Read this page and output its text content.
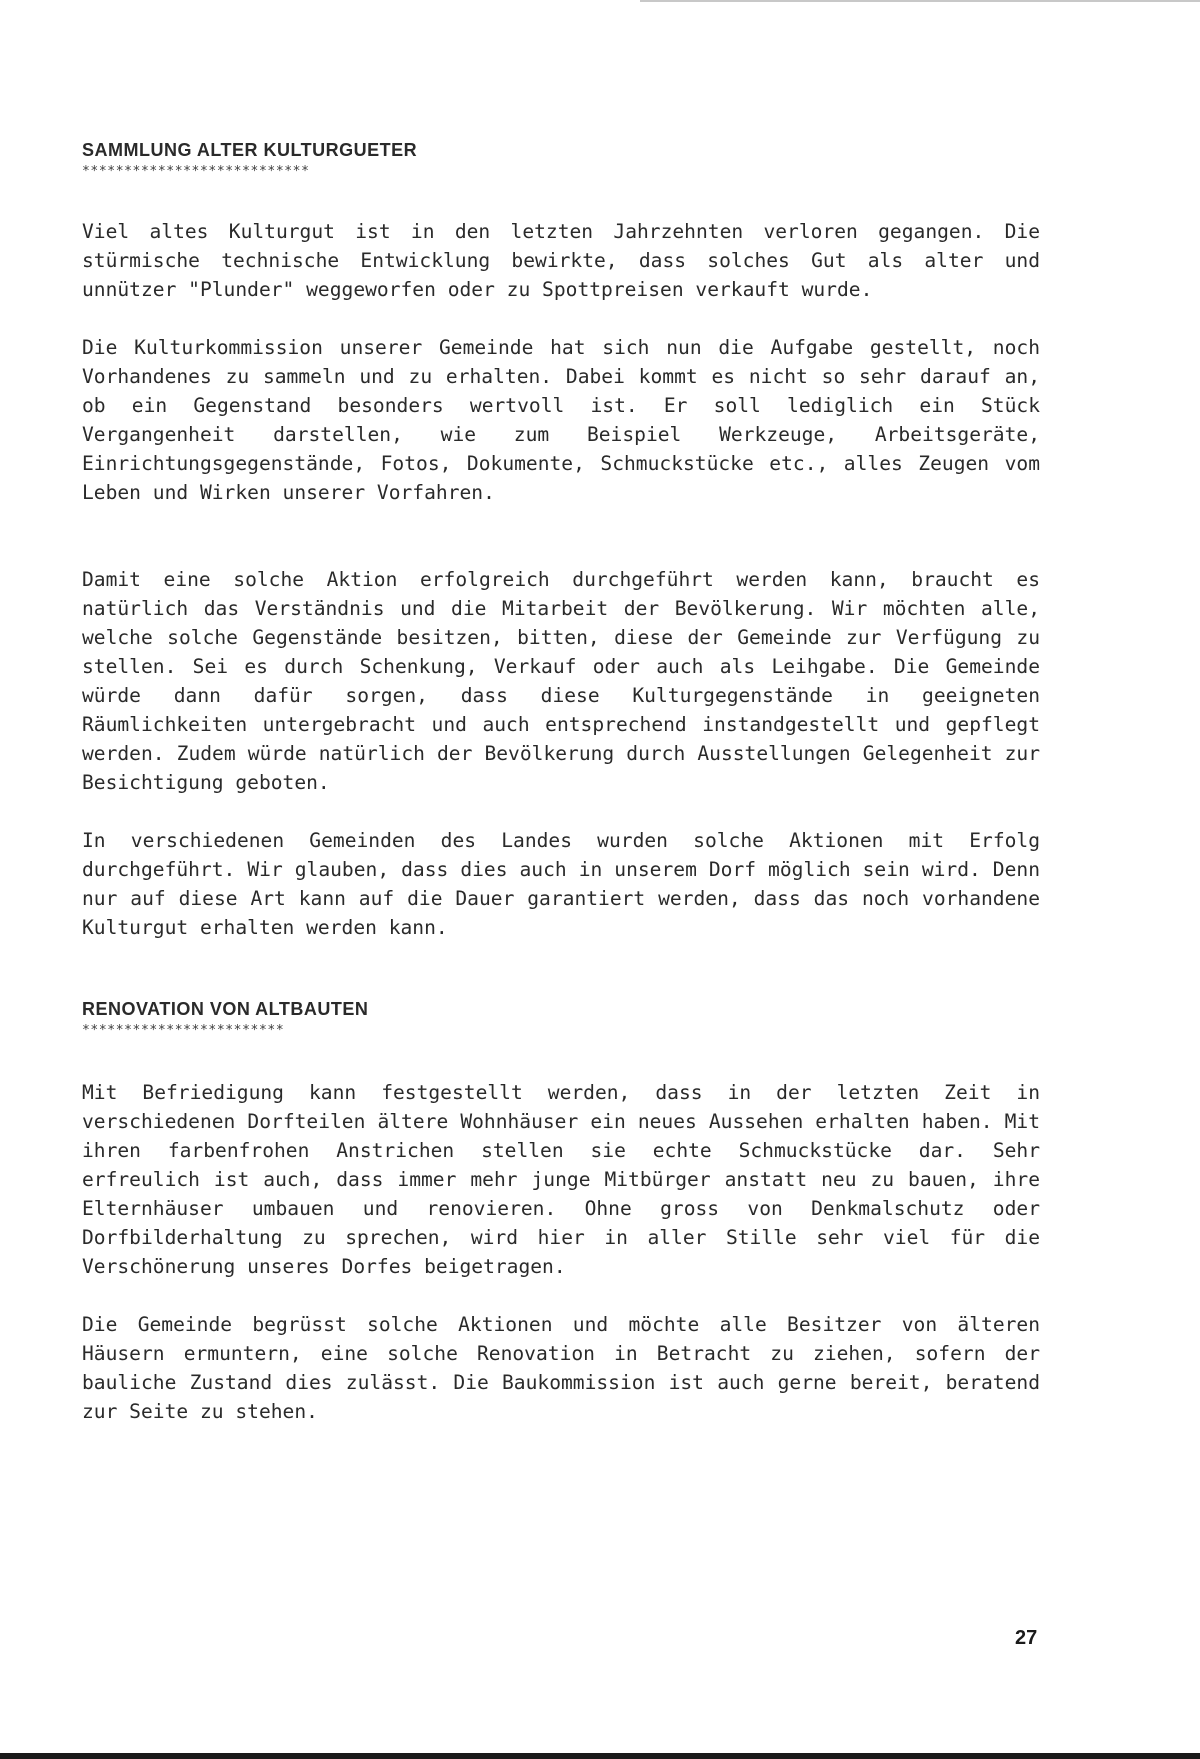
SAMMLUNG ALTER KULTURGUETER
***************************

Viel altes Kulturgut ist in den letzten Jahrzehnten verloren gegangen. Die stürmische technische Entwicklung bewirkte, dass solches Gut als alter und unnützer "Plunder" weggeworfen oder zu Spottpreisen verkauft wurde.

Die Kulturkommission unserer Gemeinde hat sich nun die Aufgabe gestellt, noch Vorhandenes zu sammeln und zu erhalten. Dabei kommt es nicht so sehr darauf an, ob ein Gegenstand besonders wertvoll ist. Er soll lediglich ein Stück Vergangenheit darstellen, wie zum Beispiel Werkzeuge, Arbeitsgeräte, Einrichtungsgegenstände, Fotos, Dokumente, Schmuckstücke etc., alles Zeugen vom Leben und Wirken unserer Vorfahren.

Damit eine solche Aktion erfolgreich durchgeführt werden kann, braucht es natürlich das Verständnis und die Mitarbeit der Bevölkerung. Wir möchten alle, welche solche Gegenstände besitzen, bitten, diese der Gemeinde zur Verfügung zu stellen. Sei es durch Schenkung, Verkauf oder auch als Leihgabe. Die Gemeinde würde dann dafür sorgen, dass diese Kulturgegenstände in geeigneten Räumlichkeiten untergebracht und auch entsprechend instandgestellt und gepflegt werden. Zudem würde natürlich der Bevölkerung durch Ausstellungen Gelegenheit zur Besichtigung geboten.

In verschiedenen Gemeinden des Landes wurden solche Aktionen mit Erfolg durchgeführt. Wir glauben, dass dies auch in unserem Dorf möglich sein wird. Denn nur auf diese Art kann auf die Dauer garantiert werden, dass das noch vorhandene Kulturgut erhalten werden kann.

RENOVATION VON ALTBAUTEN
************************

Mit Befriedigung kann festgestellt werden, dass in der letzten Zeit in verschiedenen Dorfteilen ältere Wohnhäuser ein neues Aussehen erhalten haben. Mit ihren farbenfrohen Anstrichen stellen sie echte Schmuckstücke dar. Sehr erfreulich ist auch, dass immer mehr junge Mitbürger anstatt neu zu bauen, ihre Elternhäuser umbauen und renovieren. Ohne gross von Denkmalschutz oder Dorfbilderhaltung zu sprechen, wird hier in aller Stille sehr viel für die Verschönerung unseres Dorfes beigetragen.

Die Gemeinde begrüsst solche Aktionen und möchte alle Besitzer von älteren Häusern ermuntern, eine solche Renovation in Betracht zu ziehen, sofern der bauliche Zustand dies zulässt. Die Baukommission ist auch gerne bereit, beratend zur Seite zu stehen.

27
